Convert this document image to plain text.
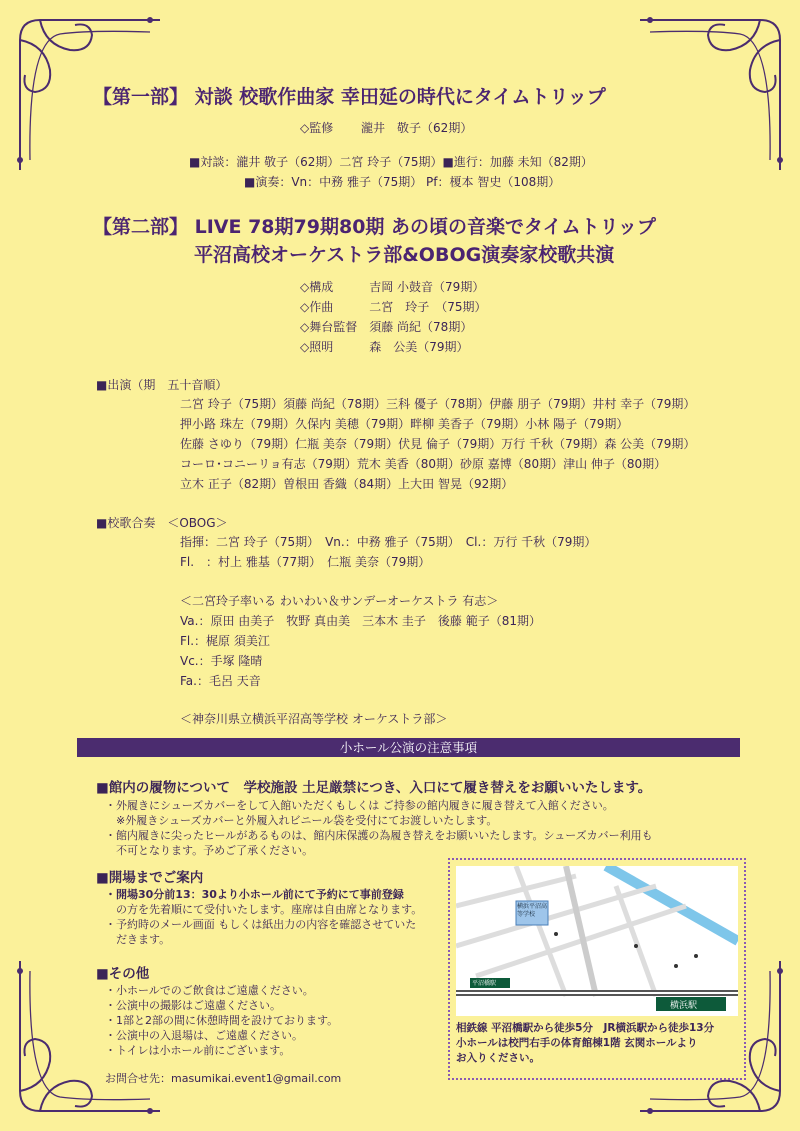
【第一部】 対談 校歌作曲家 幸田延の時代にタイムトリップ
◇監修　　 瀧井　敬子（62期）
■対談：瀧井 敬子（62期）二宮 玲子（75期）■進行：加藤 未知（82期）
■演奏：Vn：中務 雅子（75期） Pf：榎本 智史（108期）
【第二部】 LIVE 78期79期80期 あの頃の音楽でタイムトリップ
平沼高校オーケストラ部&OBOG演奏家校歌共演
◇構成　　　吉岡 小鼓音（79期）
◇作曲　　　二宮　玲子　（75期）
◇舞台監督　須藤 尚紀（78期）
◇照明　　　森　公美（79期）
■出演（期　五十音順）
二宮 玲子（75期）須藤 尚紀（78期）三科 優子（78期）伊藤 朋子（79期）井村 幸子（79期）
押小路 珠左（79期）久保内 美穂（79期）畔柳 美香子（79期）小林 陽子（79期）
佐藤 さゆり（79期）仁瓶 美奈（79期）伏見 倫子（79期）万行 千秋（79期）森 公美（79期）
コーロ･コニーリョ有志（79期）荒木 美香（80期）砂原 嘉博（80期）津山 伸子（80期）
立木 正子（82期）曽根田 香織（84期）上大田 智晃（92期）
■校歌合奏　＜OBOG＞
指揮：二宮 玲子（75期）　Vn.：中務 雅子（75期）　Cl.：万行 千秋（79期）
Fl.　：村上 雅基（77期）　仁瓶 美奈（79期）
＜二宮玲子率いる わいわい＆サンデーオーケストラ 有志＞
Va.：原田 由美子　牧野 真由美　三本木 圭子　後藤 範子（81期）
Fl.：梶原 須美江
Vc.：手塚 隆晴
Fa.：毛呂 天音
＜神奈川県立横浜平沼高等学校 オーケストラ部＞
小ホール公演の注意事項
■館内の履物について　学校施設 土足厳禁につき、入口にて履き替えをお願いいたします。
・外履きにシューズカバーをして入館いただくもしくは ご持参の館内履きに履き替えて入館ください。
　※外履きシューズカバーと外履入れビニール袋を受付にてお渡しいたします。
・館内履きに尖ったヒールがあるものは、館内床保護の為履き替えをお願いいたします。シューズカバー利用も
　不可となります。予めご了承ください。
■開場までご案内
・開場30分前13：30より小ホール前にて予約にて事前登録
　の方を先着順にて受付いたします。座席は自由席となります。
・予約時のメール画面 もしくは紙出力の内容を確認させていた
　だきます。
■その他
・小ホールでのご飲食はご遠慮ください。
・公演中の撮影はご遠慮ください。
・1部と2部の間に休憩時間を設けております。
・公演中の入退場は、ご遠慮ください。
・トイレは小ホール前にございます。
お問合せ先：masumikai.event1@gmail.com
横浜平沼高等学校
横浜駅
平沼橋駅
相鉄線 平沼橋駅から徒歩5分　JR横浜駅から徒歩13分
小ホールは校門右手の体育館棟1階 玄関ホールより
お入りください。
